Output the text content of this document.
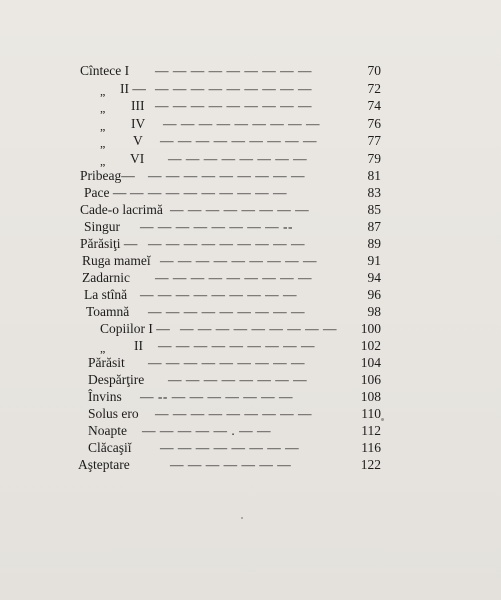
Cîntece I — — — — — — — — —	70
„ II — — — — — — — — — —	72
„ III — — — — — — — — —	74
„ IV — — — — — — — — —	76
„ V — — — — — — — — —	77
„ VI — — — — — — — —	79
Pribeag— — — — — — — — — —	81
Pace — — — — — — — — — —	83
Cade-o lacrimă — — — — — — — —	85
Singur — — — — — — — — --	87
Părăsiţi — — — — — — — — — —	89
Ruga mameĭ — — — — — — — — —	91
Zadarnic — — — — — — — — —	94
La stînă — — — — — — — — —	96
Toamnă — — — — — — — — —	98
Copiilor I — — — — — — — — — —	100
„ II — — — — — — — — —	102
Părăsit — — — — — — — — —	104
Despărţire — — — — — — — —	106
Învins — -- — — — — — — —	108
Solus ero — — — — — — — — —	110
Noapte — — — — — . — —	112
Clăcaşiĭ — — — — — — — —	116
Aşteptare	— — — — — — —	122
